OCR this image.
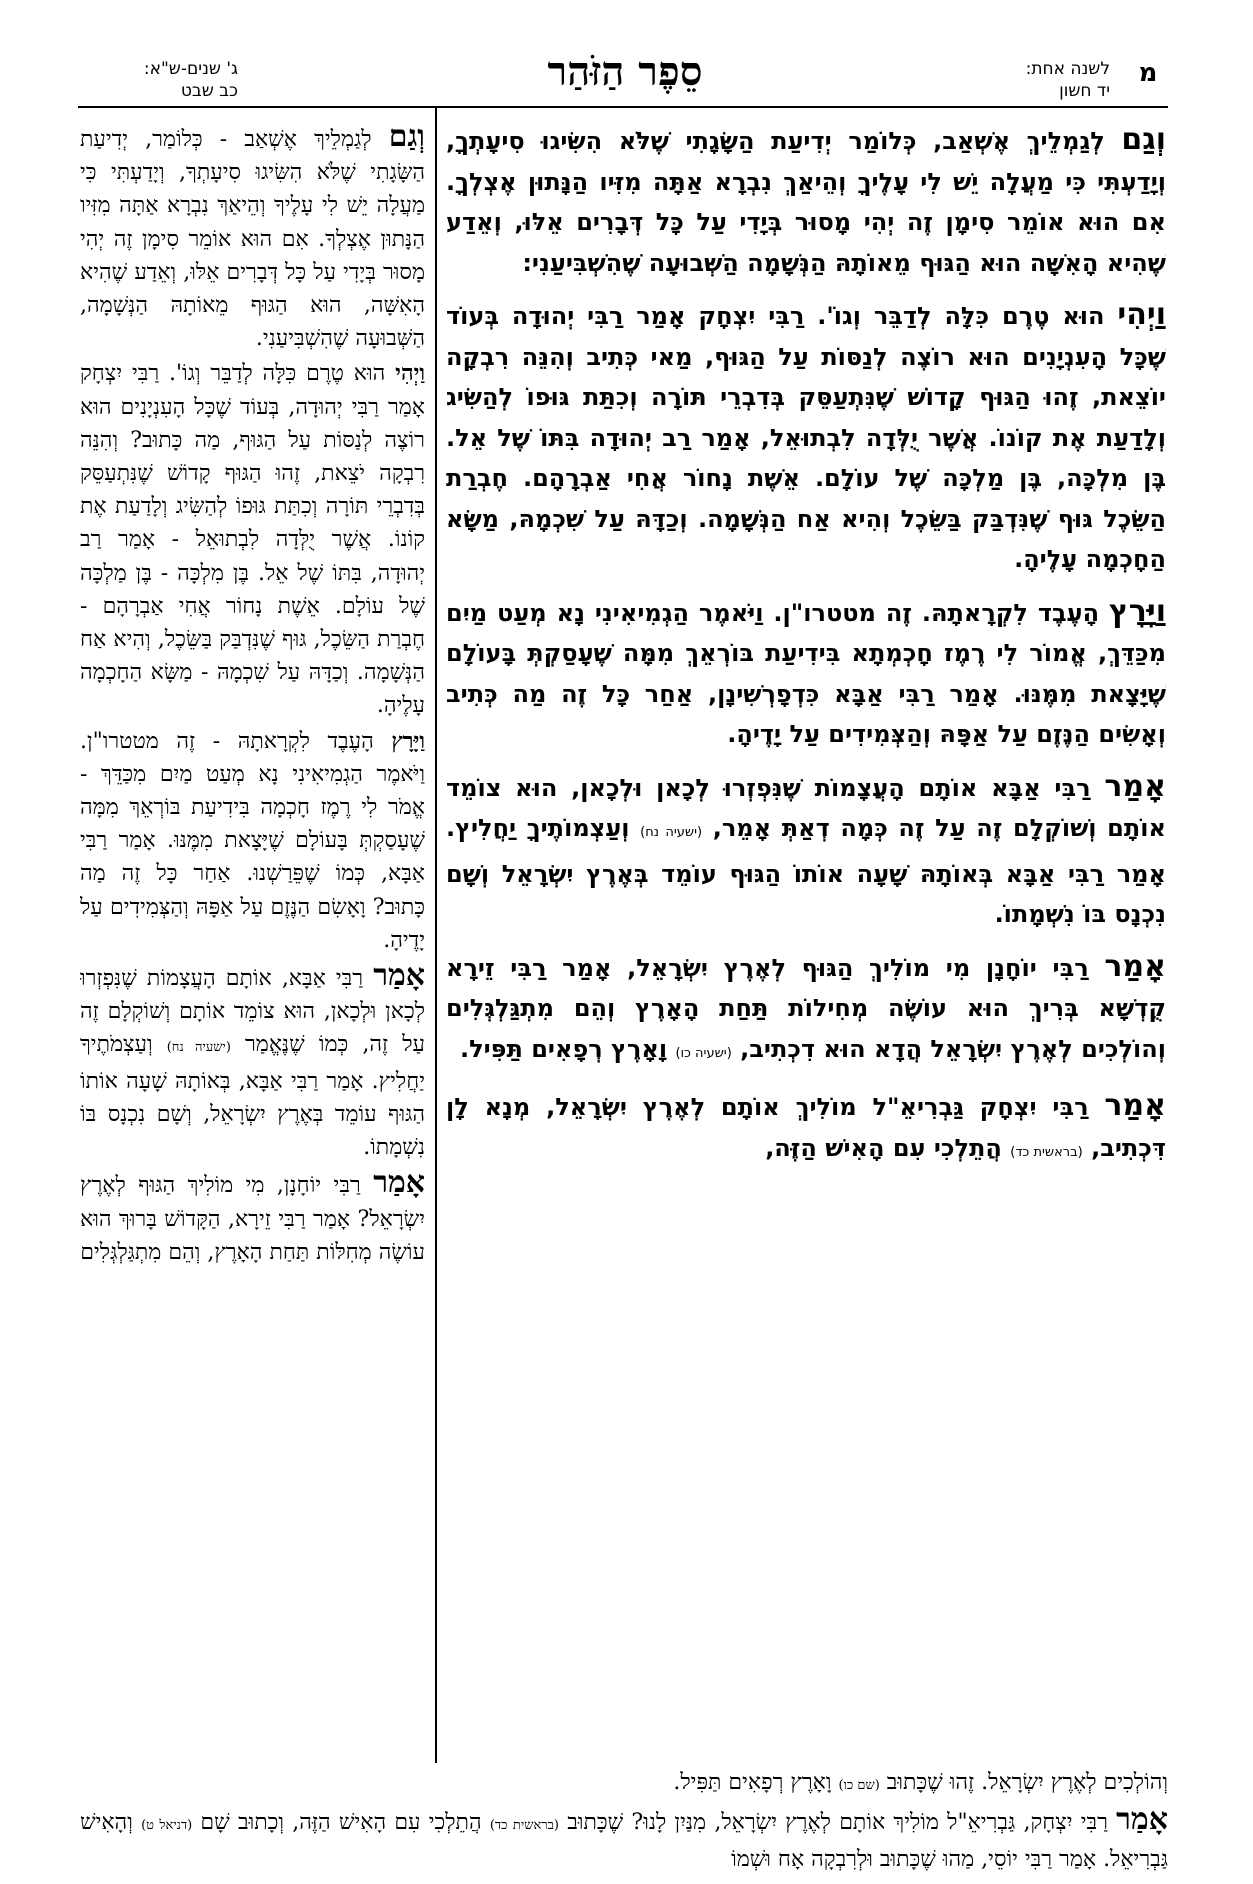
מ
לשנה אחת:
יד חשון
סֵפֶר הַזֹּהַר
ג' שנים-ש"א:
כב שבט

וְגַם לְגַמְלֵיךְ אֶשְׁאַב, כְּלוֹמַר יְדִיעַת הַשָּׂגָתִי שֶׁלֹּא הִשִּׂיגוּ סִיעָתְךָ, וְיָדַעְתִּי כִּי מַעֲלָה יֵשׁ לִי עָלֶיךָ וְהֵיאַךְ נִבְרָא אַתָּה מִזִּיו הַנָּתוּן אֶצְלְךָ. אִם הוּא אוֹמֵר סִימָן זֶה יְהִי מָסוּר בְּיָדִי עַל כָּל דְּבָרִים אֵלּוּ, וְאֵדַע שֶׁהִיא הָאִשָּׁה הוּא הַגּוּף מֵאוֹתָהּ הַנְּשָׁמָה הַשְּׁבוּעָה שֶׁהִשְׁבִּיעַנִי:

וַיְהִי הוּא טֶרֶם כִּלָּה לְדַבֵּר וְגוֹ'. רַבִּי יִצְחָק אָמַר רַבִּי יְהוּדָה בְּעוֹד שֶׁכָּל הָעִנְיָנִים הוּא רוֹצֶה לְנַסּוֹת עַל הַגּוּף, מַאי כְּתִיב וְהִנֵּה רִבְקָה יוֹצֵאת, זֶהוּ הַגּוּף קָדוֹשׁ שֶׁנִּתְעַסֵּק בְּדִבְרֵי תּוֹרָה וְכִתַּת גּוּפוֹ לְהַשִּׂיג וְלָדַעַת אֶת קוֹנוֹ. אֲשֶׁר יֻלְּדָה לִבְתוּאֵל, אָמַר רַב יְהוּדָה בִּתּוֹ שֶׁל אֵל. בֶּן מִלְכָּה, בֶּן מַלְכָּה שֶׁל עוֹלָם. אֵשֶׁת נָחוֹר אֲחִי אַבְרָהָם. חֶבְרַת הַשֵּׂכֶל גּוּף שֶׁנִּדְבַּק בַּשֵּׂכֶל וְהִיא אַח הַנְּשָׁמָה. וְכַדָּהּ עַל שִׁכְמָהּ, מַשָּׂא הַחָכְמָה עָלֶיהָ.

וַיָּרָץ הָעֶבֶד לִקְרָאתָהּ. זֶה מטטרו"ן. וַיֹּאמֶר הַגְמִיאִינִי נָא מְעַט מַיִם מִכַּדֵּךְ, אֱמוֹר לִי רֶמֶז חָכְמְתָא בִּידִיעַת בּוֹרְאֵךְ מִמָּה שֶׁעָסַקְתְּ בָּעוֹלָם שֶׁיָּצָאת מִמֶּנּוּ. אָמַר רַבִּי אַבָּא כִּדְפָרְשִׁינָן, אַחַר כָּל זֶה מַה כְּתִיב וְאָשִׂים הַנֶּזֶם עַל אַפָּהּ וְהַצְּמִידִים עַל יָדֶיהָ.

אָמַר רַבִּי אַבָּא אוֹתָם הָעֲצָמוֹת שֶׁנִּפְזְרוּ לְכָאן וּלְכָאן, הוּא צוֹמֵד אוֹתָם וְשׁוֹקְלָם זֶה עַל זֶה כְּמָה דְאַתְּ אָמֵר, (ישעיה נח) וְעַצְמוֹתֶיךָ יַחֲלִיץ. אָמַר רַבִּי אַבָּא בְּאוֹתָהּ שָׁעָה אוֹתוֹ הַגּוּף עוֹמֵד בְּאֶרֶץ יִשְׂרָאֵל וְשָׁם נִכְנָס בּוֹ נִשְׁמָתוֹ.

אָמַר רַבִּי יוֹחָנָן מִי מוֹלִיךְ הַגּוּף לְאֶרֶץ יִשְׂרָאֵל, אָמַר רַבִּי זֵירָא קֻדְשָׁא בְּרִיךְ הוּא עוֹשֶׂה מְחִילוֹת תַּחַת הָאָרֶץ וְהֵם מִתְגַּלְגְּלִים וְהוֹלְכִים לְאֶרֶץ יִשְׂרָאֵל הֲדָא הוּא דִכְתִיב, (ישעיה כו) וָאָרֶץ רְפָאִים תַּפִּיל.

אָמַר רַבִּי יִצְחָק גַּבְרִיאֵ"ל מוֹלִיךְ אוֹתָם לְאֶרֶץ יִשְׂרָאֵל, מְנָא לָן דִּכְתִיב, (בראשית כד) הֲתֵלְכִי עִם הָאִישׁ הַזֶּה,

וְגַם לְגַמְלֵיךְ אֶשְׁאַב - כְּלוֹמַר, יְדִיעַת הַשָּׂגָתִי שֶׁלֹּא הִשִּׂיגוּ סִיעָתְךָ, וְיָדַעְתִּי כִּי מַעֲלָה יֵשׁ לִי עָלֶיךָ וְהֵיאַךְ נִבְרָא אַתָּה מִזִּיו הַנָּתוּן אֶצְלְךָ. אִם הוּא אוֹמֵר סִימָן זֶה יְהִי מָסוּר בְּיָדִי עַל כָּל דְּבָרִים אֵלּוּ, וְאֵדַע שֶׁהִיא הָאִשָּׁה, הוּא הַגּוּף מֵאוֹתָהּ הַנְּשָׁמָה, הַשְּׁבוּעָה שֶׁהִשְׁבִּיעַנִי.

וַיְהִי הוּא טֶרֶם כִּלָּה לְדַבֵּר וְגוֹ'. רַבִּי יִצְחָק אָמַר רַבִּי יְהוּדָה, בְּעוֹד שֶׁכָּל הָעִנְיָנִים הוּא רוֹצֶה לְנַסּוֹת עַל הַגּוּף, מַה כָּתוּב? וְהִנֵּה רִבְקָה יֹצֵאת, זֶהוּ הַגּוּף קָדוֹשׁ שֶׁנִּתְעַסֵּק בְּדִבְרֵי תּוֹרָה וְכִתַּת גּוּפוֹ לְהַשִּׂיג וְלָדַעַת אֶת קוֹנוֹ. אֲשֶׁר יֻלְּדָה לִבְתוּאֵל - אָמַר רַב יְהוּדָה, בִּתּוֹ שֶׁל אֵל. בֶּן מִלְכָּה - בֶּן מַלְכָּה שֶׁל עוֹלָם. אֵשֶׁת נָחוֹר אֲחִי אַבְרָהָם - חֶבְרַת הַשֵּׂכֶל, גּוּף שֶׁנִּדְבַּק בַּשֵּׂכֶל, וְהִיא אַח הַנְּשָׁמָה. וְכַדָּהּ עַל שִׁכְמָהּ - מַשָּׂא הַחָכְמָה עָלֶיהָ.

וַיָּרָץ הָעֶבֶד לִקְרָאתָהּ - זֶה מטטרו"ן. וַיֹּאמֶר הַגְמִיאִינִי נָא מְעַט מַיִם מִכַּדֵּךְ - אֱמֹר לִי רֶמֶז חָכְמָה בִּידִיעַת בּוֹרְאֵךְ מִמָּה שֶׁעָסַקְתְּ בָּעוֹלָם שֶׁיָּצָאת מִמֶּנּוּ. אָמַר רַבִּי אַבָּא, כְּמוֹ שֶׁפֵּרַשְׁנוּ. אַחַר כָּל זֶה מַה כָּתוּב? וָאָשִׂם הַנֶּזֶם עַל אַפָּהּ וְהַצְּמִידִים עַל יָדֶיהָ.

אָמַר רַבִּי אַבָּא, אוֹתָם הָעֲצָמוֹת שֶׁנִּפְזְרוּ לְכָאן וּלְכָאן, הוּא צוֹמֵד אוֹתָם וְשׁוֹקְלָם זֶה עַל זֶה, כְּמוֹ שֶׁנֶּאֱמַר (ישעיה נח) וְעַצְמֹתֶיךָ יַחֲלִיץ. אָמַר רַבִּי אַבָּא, בְּאוֹתָהּ שָׁעָה אוֹתוֹ הַגּוּף עוֹמֵד בְּאֶרֶץ יִשְׂרָאֵל, וְשָׁם נִכְנָס בּוֹ נִשְׁמָתוֹ.

אָמַר רַבִּי יוֹחָנָן, מִי מוֹלִיךְ הַגּוּף לְאֶרֶץ יִשְׂרָאֵל? אָמַר רַבִּי זֵירָא, הַקָּדוֹשׁ בָּרוּךְ הוּא עוֹשֶׂה מְחִלּוֹת תַּחַת הָאָרֶץ, וְהֵם מִתְגַּלְגְּלִים

וְהוֹלְכִים לְאֶרֶץ יִשְׂרָאֵל. זֶהוּ שֶׁכָּתוּב (שם כו) וָאָרֶץ רְפָאִים תַּפִּיל.

אָמַר רַבִּי יִצְחָק, גַּבְרִיאֵ"ל מוֹלִיךְ אוֹתָם לְאֶרֶץ יִשְׂרָאֵל, מִנַּיִן לָנוּ? שֶׁכָּתוּב (בראשית כד) הֲתֵלְכִי עִם הָאִישׁ הַזֶּה, וְכָתוּב שָׁם (דניאל ט) וְהָאִישׁ גַּבְרִיאֵל. אָמַר רַבִּי יוֹסֵי, מַהוּ שֶׁכָּתוּב וּלְרִבְקָה אָח וּשְׁמוֹ
